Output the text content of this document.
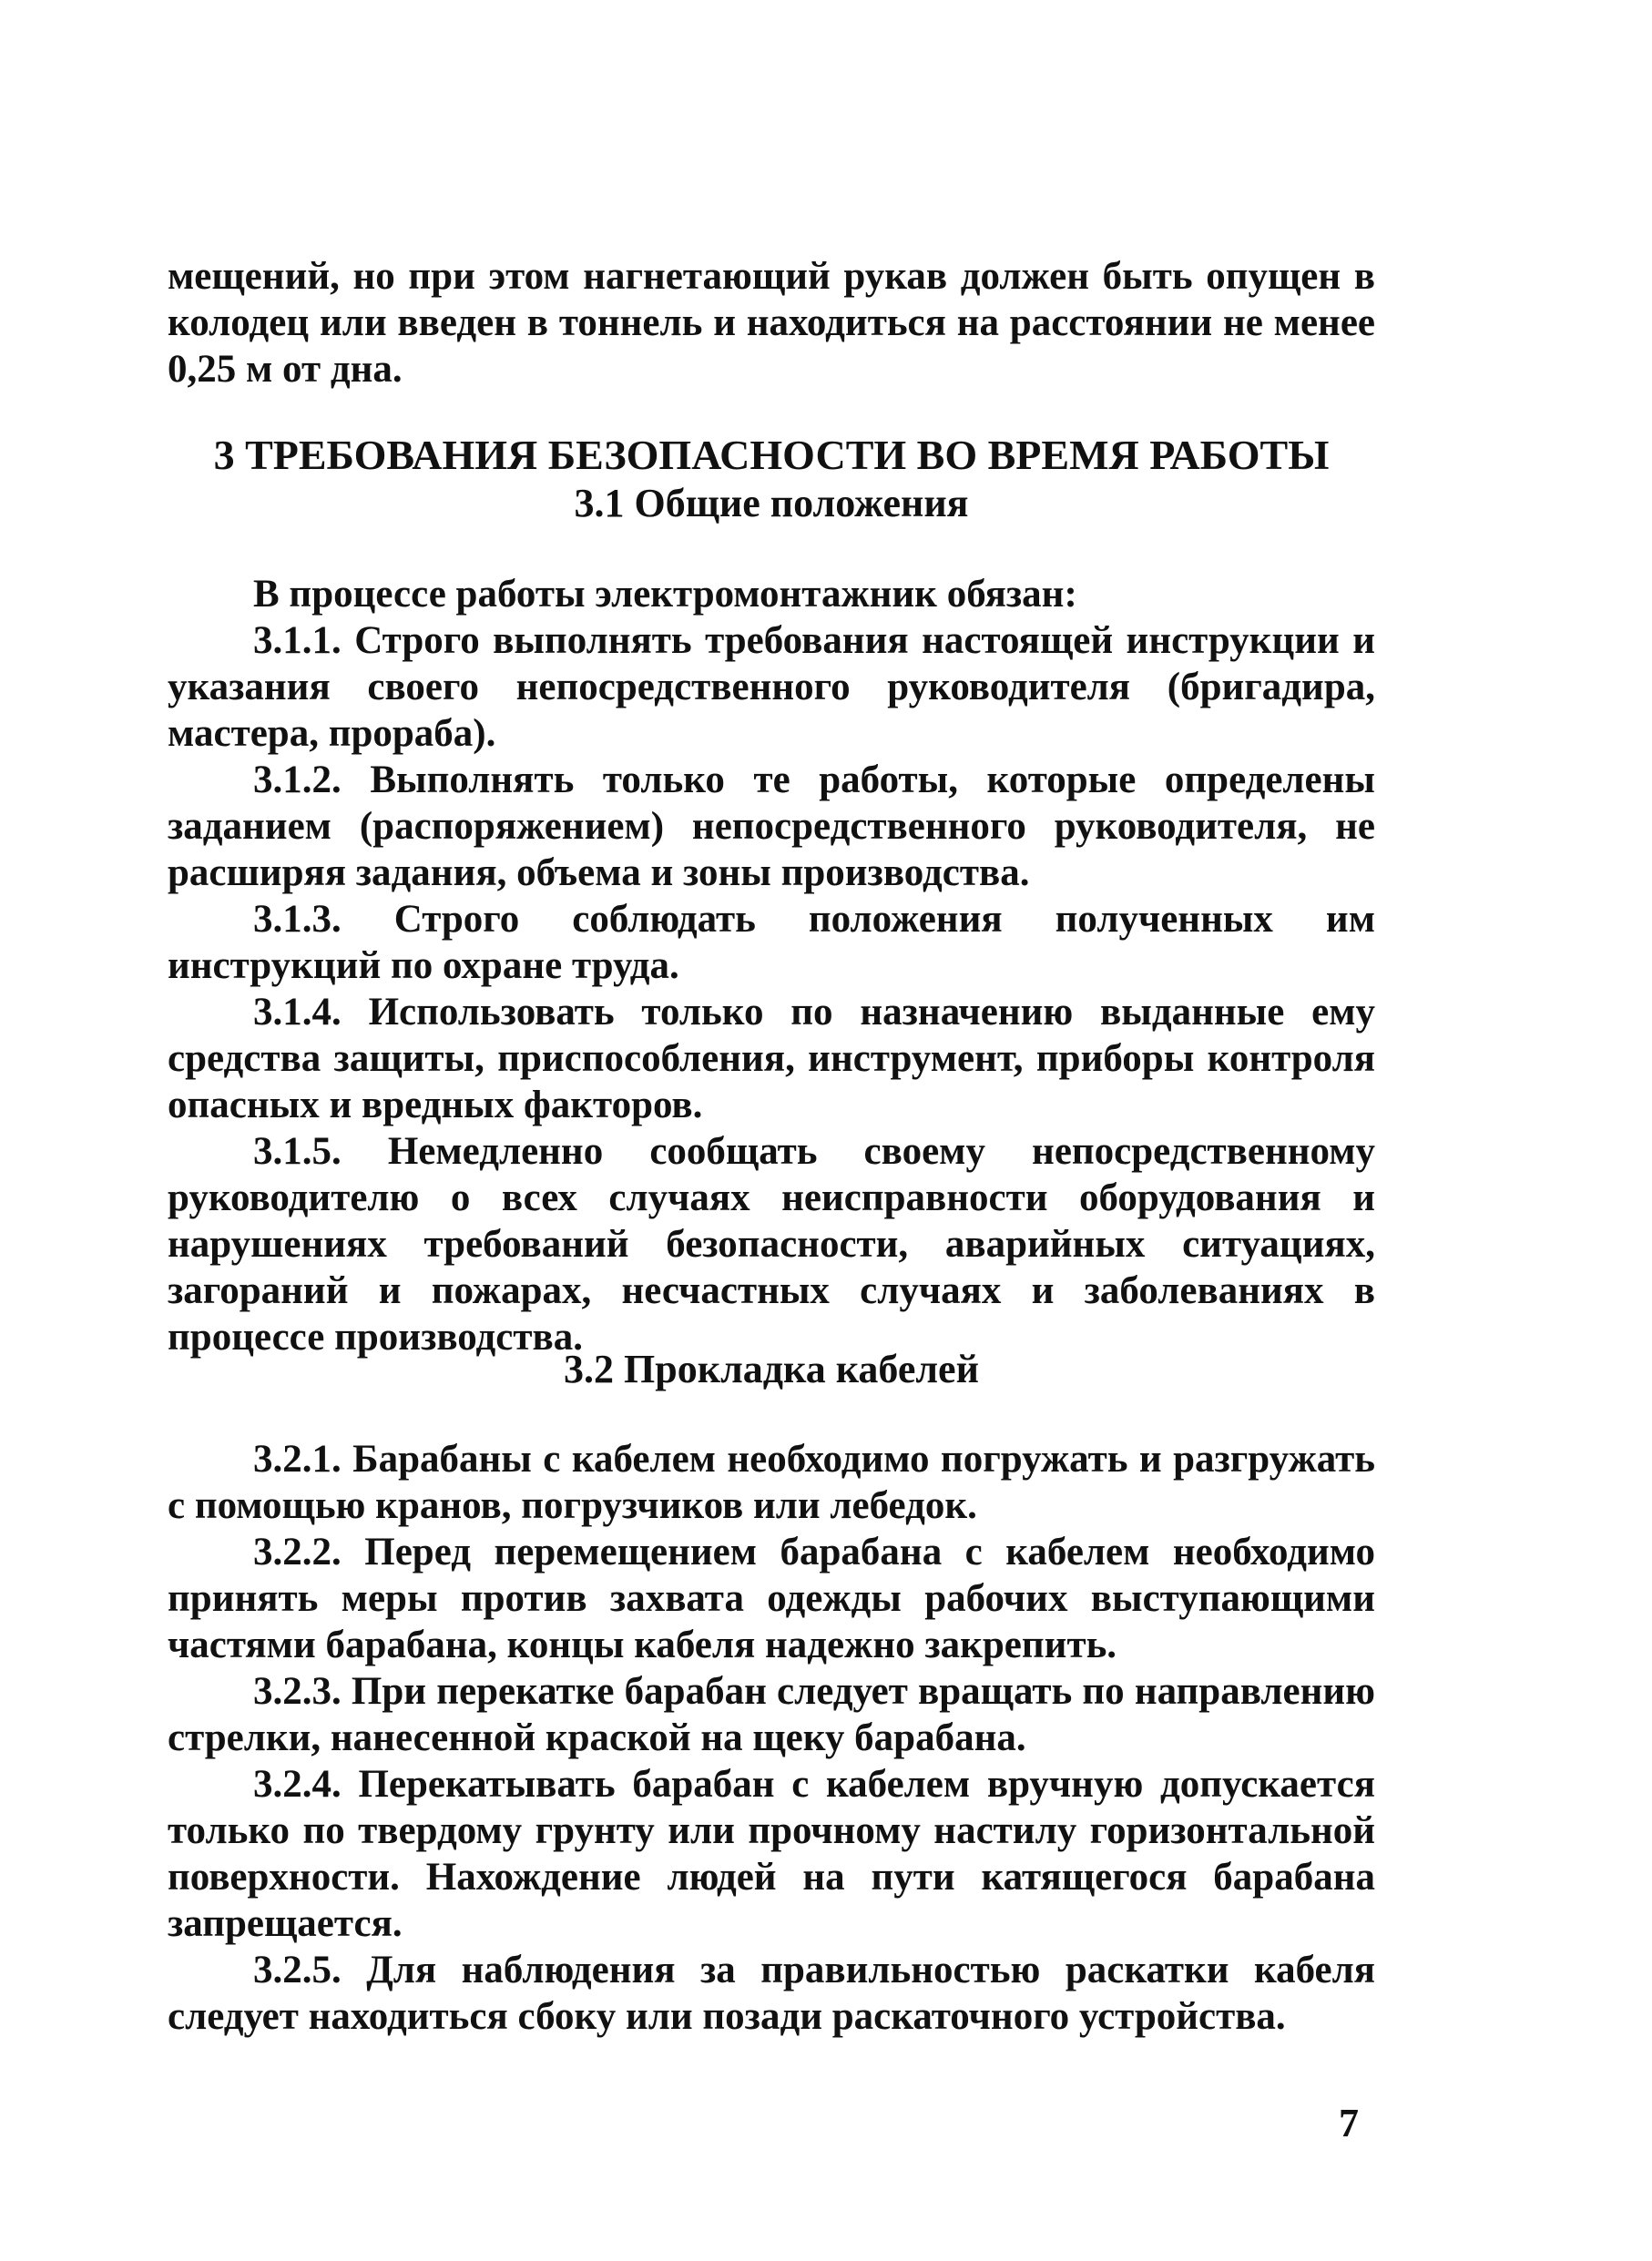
мещений, но при этом нагнетающий рукав должен быть опущен в колодец или введен в тоннель и находиться на расстоянии не менее 0,25 м от дна.

3 ТРЕБОВАНИЯ БЕЗОПАСНОСТИ ВО ВРЕМЯ РАБОТЫ
3.1 Общие положения

В процессе работы электромонтажник обязан:

3.1.1. Строго выполнять требования настоящей инструкции и указания своего непосредственного руководителя (бригадира, мастера, прораба).

3.1.2. Выполнять только те работы, которые определены заданием (распоряжением) непосредственного руководителя, не расширяя задания, объема и зоны производства.

3.1.3. Строго соблюдать положения полученных им инструкций по охране труда.

3.1.4. Использовать только по назначению выданные ему средства защиты, приспособления, инструмент, приборы контроля опасных и вредных факторов.

3.1.5. Немедленно сообщать своему непосредственному руководителю о всех случаях неисправности оборудования и нарушениях требований безопасности, аварийных ситуациях, загораний и пожарах, несчастных случаях и заболеваниях в процессе производства.

3.2 Прокладка кабелей

3.2.1. Барабаны с кабелем необходимо погружать и разгружать с помощью кранов, погрузчиков или лебедок.

3.2.2. Перед перемещением барабана с кабелем необходимо принять меры против захвата одежды рабочих выступающими частями барабана, концы кабеля надежно закрепить.

3.2.3. При перекатке барабан следует вращать по направлению стрелки, нанесенной краской на щеку барабана.

3.2.4. Перекатывать барабан с кабелем вручную допускается только по твердому грунту или прочному настилу горизонтальной поверхности. Нахождение людей на пути катящегося барабана запрещается.

3.2.5. Для наблюдения за правильностью раскатки кабеля следует находиться сбоку или позади раскаточного устройства.

7
